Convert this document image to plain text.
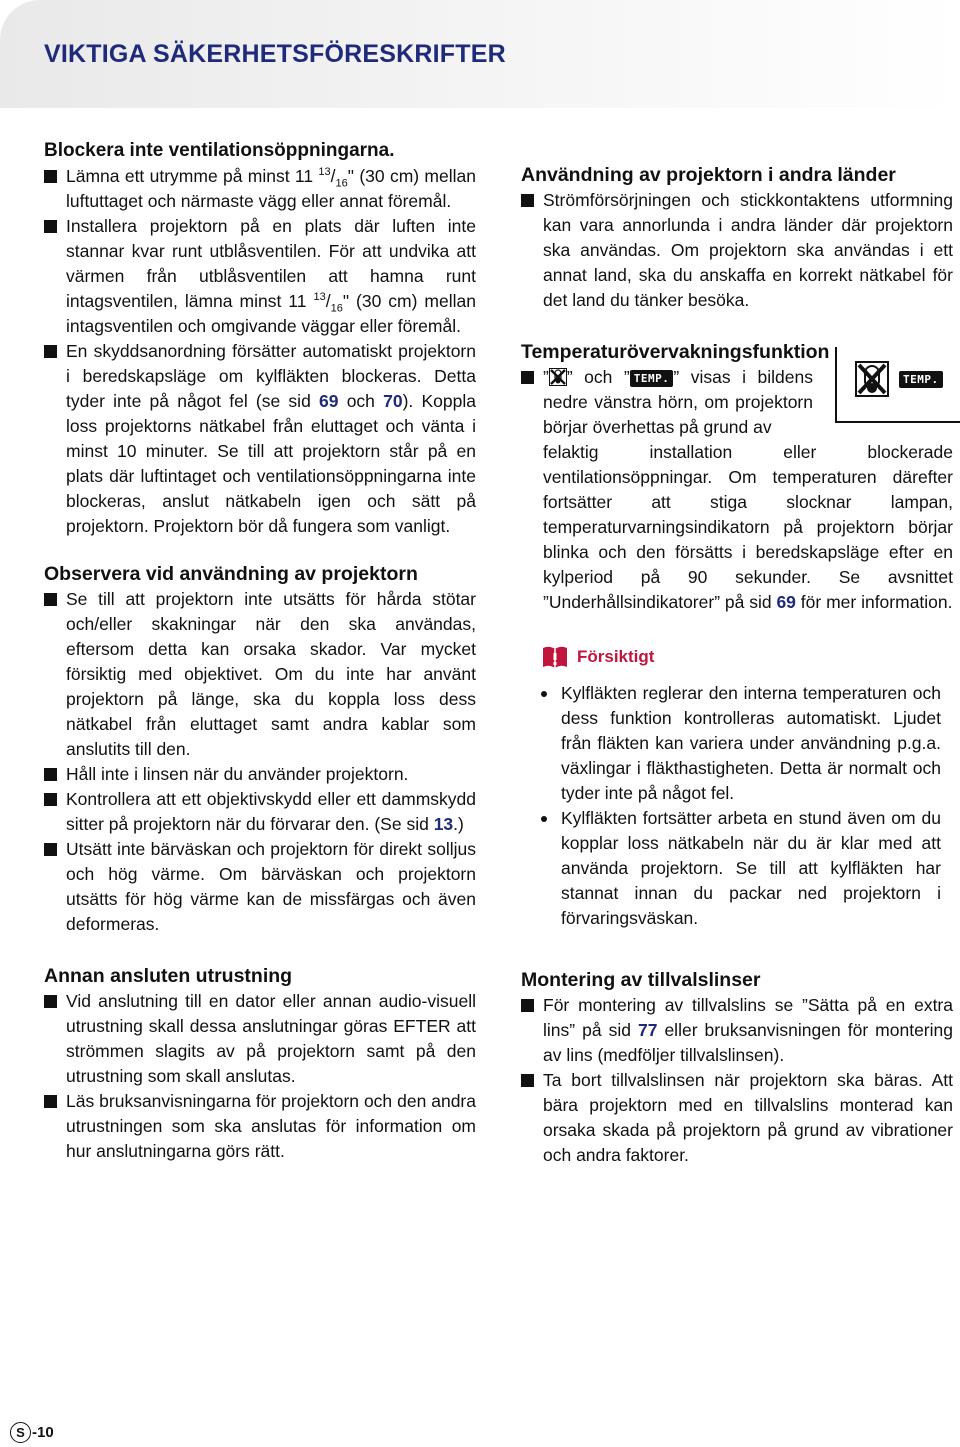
VIKTIGA SÄKERHETSFÖRESKRIFTER
Blockera inte ventilationsöppningarna.
Lämna ett utrymme på minst 11 $^{13}/_{16}$" (30 cm) mellan luftuttaget och närmaste vägg eller annat föremål.
Installera projektorn på en plats där luften inte stannar kvar runt utblåsventilen. För att undvika att värmen från utblåsventilen att hamna runt intagsventilen, lämna minst 11 $^{13}/_{16}$" (30 cm) mellan intagsventilen och omgivande väggar eller föremål.
En skyddsanordning försätter automatiskt projektorn i beredskapsläge om kylfläkten blockeras. Detta tyder inte på något fel (se sid 69 och 70). Koppla loss projektorns nätkabel från eluttaget och vänta i minst 10 minuter. Se till att projektorn står på en plats där luftintaget och ventilationsöppningarna inte blockeras, anslut nätkabeln igen och sätt på projektorn. Projektorn bör då fungera som vanligt.
Observera vid användning av projektorn
Se till att projektorn inte utsätts för hårda stötar och/eller skakningar när den ska användas, eftersom detta kan orsaka skador. Var mycket försiktig med objektivet. Om du inte har använt projektorn på länge, ska du koppla loss dess nätkabel från eluttaget samt andra kablar som anslutits till den.
Håll inte i linsen när du använder projektorn.
Kontrollera att ett objektivskydd eller ett dammskydd sitter på projektorn när du förvarar den. (Se sid 13.)
Utsätt inte bärväskan och projektorn för direkt solljus och hög värme. Om bärväskan och projektorn utsätts för hög värme kan de missfärgas och även deformeras.
Annan ansluten utrustning
Vid anslutning till en dator eller annan audio-visuell utrustning skall dessa anslutningar göras EFTER att strömmen slagits av på projektorn samt på den utrustning som skall anslutas.
Läs bruksanvisningarna för projektorn och den andra utrustningen som ska anslutas för information om hur anslutningarna görs rätt.
Användning av projektorn i andra länder
Strömförsörjningen och stickkontaktens utformning kan vara annorlunda i andra länder där projektorn ska användas. Om projektorn ska användas i ett annat land, ska du anskaffa en korrekt nätkabel för det land du tänker besöka.
Temperaturövervakningsfunktion
TEMP.
” ” och ” TEMP. ” visas i bildens nedre vänstra hörn, om projektorn börjar överhettas på grund av

felaktig installation eller blockerade ventilationsöppningar. Om temperaturen därefter fortsätter att stiga slocknar lampan, temperaturvarningsindikatorn på projektorn börjar blinka och den försätts i beredskapsläge efter en kylperiod på 90 sekunder. Se avsnittet ”Underhållsindikatorer” på sid 69 för mer information.

Försiktigt
Kylfläkten reglerar den interna temperaturen och dess funktion kontrolleras automatiskt. Ljudet från fläkten kan variera under användning p.g.a. växlingar i fläkthastigheten. Detta är normalt och tyder inte på något fel.
Kylfläkten fortsätter arbeta en stund även om du kopplar loss nätkabeln när du är klar med att använda projektorn. Se till att kylfläkten har stannat innan du packar ned projektorn i förvaringsväskan.
Montering av tillvalslinser
För montering av tillvalslins se ”Sätta på en extra lins” på sid 77 eller bruksanvisningen för montering av lins (medföljer tillvalslinsen).
Ta bort tillvalslinsen när projektorn ska bäras. Att bära projektorn med en tillvalslins monterad kan orsaka skada på projektorn på grund av vibrationer och andra faktorer.
S -10
